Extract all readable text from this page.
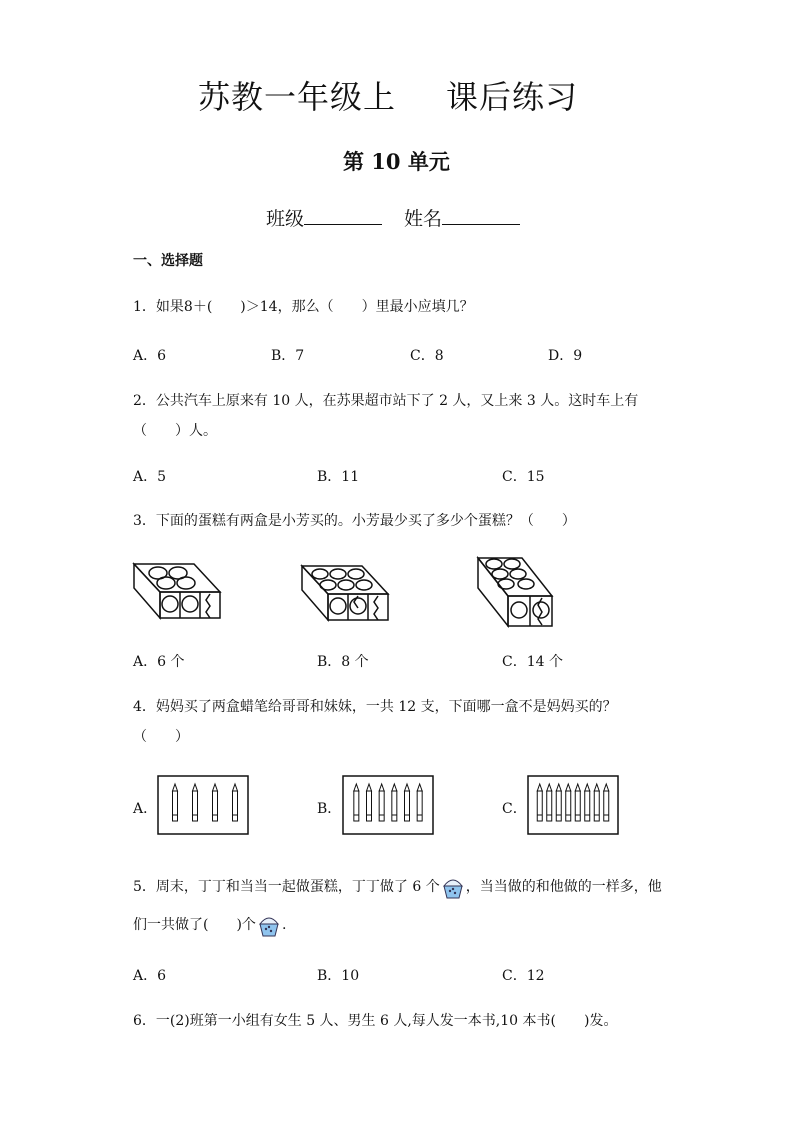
苏教一年级上 课后练习
第 10 单元
班级	姓名
一、选择题
1．如果8＋(　　)＞14，那么（　　）里最小应填几？
A．6	B．7	C．8	D．9
2．公共汽车上原来有 10 人，在苏果超市站下了 2 人，又上来 3 人。这时车上有
（　　）人。
A．5	B．11	C．15
3．下面的蛋糕有两盒是小芳买的。小芳最少买了多少个蛋糕？（　　）
A．6 个	B．8 个	C．14 个
4．妈妈买了两盒蜡笔给哥哥和妹妹，一共 12 支，下面哪一盒不是妈妈买的？
（　　）
A．	B．	C．
5．周末，丁丁和当当一起做蛋糕，丁丁做了 6 个 ，当当做的和他做的一样多，他
们一共做了(　　)个 .
A．6	B．10	C．12
6．一(2)班第一小组有女生 5 人、男生 6 人,每人发一本书,10 本书(　　)发。
